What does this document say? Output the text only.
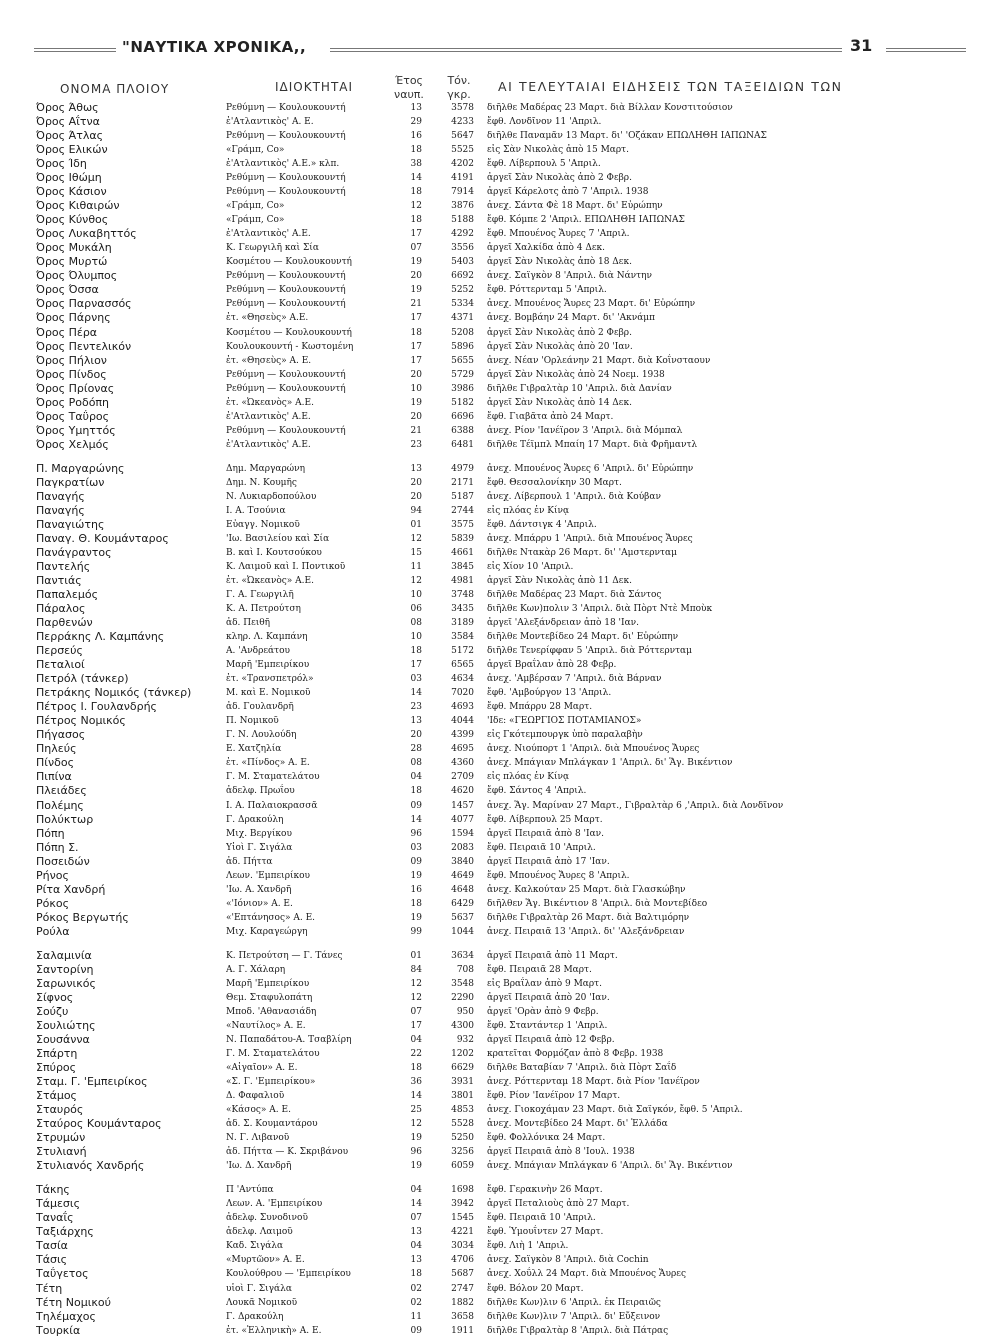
"ΝΑΥΤΙΚΑ ΧΡΟΝΙΚΑ,,	31
ΟΝΟΜΑ ΠΛΟΙΟΥ	ΙΔΙΟΚΤΗΤΑΙ	Έτος
ναυπ.
Τόν.
γκρ.
ΑΙ ΤΕΛΕΥΤΑΙΑΙ ΕΙΔΗΣΕΙΣ ΤΩΝ ΤΑΞΕΙΔΙΩΝ ΤΩΝ
Όρος Άθως	Ρεθύμνη — Κουλουκουντή	13	3578 διῆλθε Μαδέρας 23 Μαρτ. διὰ Βίλλαν Κονστιτούσιον
Όρος Αΐτνα	ἐ'Ατλαντικὸς' Α. Ε.	29	4233 ἔφθ. Λονδῖνον 11 'Απριλ.
Όρος Άτλας	Ρεθύμνη — Κουλουκουντή	16	5647 διῆλθε Παναμᾶν 13 Μαρτ. δι' 'Οζάκαν ΕΠΩΛΗΘΗ ΙΑΠΩΝΑΣ
Όρος Ελικών	«Γράμπ, Co»	18	5525 εἰς Σὰν Νικολὰς ἀπὸ 15 Μαρτ.
Όρος Ίδη	ἐ'Ατλαντικὸς' Α.Ε.» κλπ.	38	4202 ἔφθ. Λίβερπουλ 5 'Απριλ.
Όρος Ιθώμη	Ρεθύμνη — Κουλουκουντή	14	4191 ἀργεῖ Σὰν Νικολὰς ἀπὸ 2 Φεβρ.
Όρος Κάσιον	Ρεθύμνη — Κουλουκουντή	18	7914 ἀργεῖ Κάρελοτς ἀπὸ 7 'Απριλ. 1938
Όρος Κιθαιρών	«Γράμπ, Co»	12	3876 ἀνεχ. Σάντα Φὲ 18 Μαρτ. δι' Εὐρώπην
Όρος Κύνθος	«Γράμπ, Co»	18	5188 ἔφθ. Κόμπε 2 'Απριλ. ΕΠΩΛΗΘΗ ΙΑΠΩΝΑΣ
Όρος Λυκαβηττός	ἐ'Ατλαντικὸς' Α.Ε.	17	4292 ἔφθ. Μπουένος Ἄυρες 7 'Απριλ.
Όρος Μυκάλη	Κ. Γεωργιλῆ καὶ Σία	07	3556 ἀργεῖ Χαλκίδα ἀπὸ 4 Δεκ.
Όρος Μυρτώ	Κοσμέτου — Κουλουκουντή	19	5403 ἀργεῖ Σὰν Νικολὰς ἀπὸ 18 Δεκ.
Όρος Όλυμπος	Ρεθύμνη — Κουλουκουντή	20	6692 ἀνεχ. Σαϊγκὸν 8 'Απριλ. διὰ Νάντην
Όρος Όσσα	Ρεθύμνη — Κουλουκουντή	19	5252 ἔφθ. Ρόττερνταμ 5 'Απριλ.
Όρος Παρνασσός	Ρεθύμνη — Κουλουκουντή	21	5334 ἀνεχ. Μπουένος Ἄυρες 23 Μαρτ. δι' Εὐρώπην
Όρος Πάρνης	ἐτ. «Θησεὺς» Α.Ε.	17	4371 ἀνεχ. Βομβάην 24 Μαρτ. δι' 'Ακνάμπ
Όρος Πέρα	Κοσμέτου — Κουλουκουντή	18	5208 ἀργεῖ Σὰν Νικολὰς ἀπὸ 2 Φεβρ.
Όρος Πεντελικόν	Κουλουκουντή - Κωστομένη	17	5896 ἀργεῖ Σὰν Νικολὰς ἀπὸ 20 'Ιαν.
Όρος Πήλιον	ἐτ. «Θησεὺς» Α. Ε.	17	5655 ἀνεχ. Νέαν 'Ορλεάνην 21 Μαρτ. διὰ Κοΐνσταουν
Όρος Πίνδος	Ρεθύμνη — Κουλουκουντή	20	5729 ἀργεῖ Σὰν Νικολὰς ἀπὸ 24 Νοεμ. 1938
Όρος Πρίονας	Ρεθύμνη — Κουλουκουντή	10	3986 διῆλθε Γιβραλτὰρ 10 'Απριλ. διὰ Δανίαν
Όρος Ροδόπη	ἐτ. «Ὠκεανὸς» Α.Ε.	19	5182 ἀργεῖ Σὰν Νικολὰς ἀπὸ 14 Δεκ.
Όρος Ταΰρος	ἐ'Ατλαντικὸς' Α.Ε.	20	6696 ἔφθ. Γιαβᾶτα ἀπὸ 24 Μαρτ.
Όρος Υμηττός	Ρεθύμνη — Κουλουκουντή	21	6388 ἀνεχ. Ρίον 'Ιανέϊρον 3 'Απριλ. διὰ Μόμπαλ
Όρος Χελμός	ἐ'Ατλαντικὸς' Α.Ε.	23	6481 διῆλθε Τέϊμπλ Μπαίη 17 Μαρτ. διὰ Φρῆμαντλ
Π. Μαργαρώνης	Δημ. Μαργαρώνη	13	4979 ἀνεχ. Μπουένος Ἄυρες 6 'Απριλ. δι' Εὐρώπην
Παγκρατίων	Δημ. Ν. Κουμῆς	20	2171 ἔφθ. Θεσσαλονίκην 30 Μαρτ.
Παναγής	Ν. Λυκιαρδοπούλου	20	5187 ἀνεχ. Λίβερπουλ 1 'Απριλ. διὰ Κούβαν
Παναγής	Ι. Α. Τσούνια	94	2744 εἰς πλόας ἐν Κίνᾳ
Παναγιώτης	Εὐαγγ. Νομικοῦ	01	3575 ἔφθ. Δάντσιγκ 4 'Απριλ.
Παναγ. Θ. Κουμάνταρος	'Ιω. Βασιλείου καὶ Σία	12	5839 ἀνεχ. Μπάρρυ 1 'Απριλ. διὰ Μπουένος Ἄυρες
Πανάγραντος	Β. καὶ Ι. Κουτσούκου	15	4661 διῆλθε Ντακὰρ 26 Μαρτ. δι' 'Αμστερνταμ
Παντελής	Κ. Λαιμοῦ καὶ Ι. Ποντικοῦ	11	3845 εἰς Χίον 10 'Απριλ.
Παντιάς	ἐτ. «Ὠκεανὸς» Α.Ε.	12	4981 ἀργεῖ Σὰν Νικολὰς ἀπὸ 11 Δεκ.
Παπαλεμός	Γ. Α. Γεωργιλῆ	10	3748 διῆλθε Μαδέρας 23 Μαρτ. διὰ Σάντος
Πάραλος	Κ. Α. Πετρούτση	06	3435 διῆλθε Κων)πολιν 3 'Απριλ. διὰ Πὸρτ Ντὲ Μποὺκ
Παρθενών	ἀδ. Πειθῆ	08	3189 ἀργεῖ 'Αλεξάνδρειαν ἀπὸ 18 'Ιαν.
Περράκης Λ. Καμπάνης	κληρ. Λ. Καμπάνη	10	3584 διῆλθε Μοντεβίδεο 24 Μαρτ. δι' Εὐρώπην
Περσεύς	Α. 'Ανδρεάτου	18	5172 διῆλθε Τενερίφφαν 5 'Απριλ. διὰ Ρόττερνταμ
Πεταλιοί	Μαρῆ 'Εμπειρίκου	17	6565 ἀργεῖ Βραΐλαν ἀπὸ 28 Φεβρ.
Πετρόλ (τάνκερ)	ἐτ. «Τρανσπετρόλ»	03	4634 ἀνεχ. 'Αμβέρσαν 7 'Απριλ. διὰ Βάρναν
Πετράκης Νομικός (τάνκερ)	Μ. καὶ Ε. Νομικοῦ	14	7020 ἔφθ. 'Αμβούργον 13 'Απριλ.
Πέτρος Ι. Γουλανδρής	ἀδ. Γουλανδρῆ	23	4693 ἔφθ. Μπάρρυ 28 Μαρτ.
Πέτρος Νομικός	Π. Νομικοῦ	13	4044 'Ιδε: «ΓΕΩΡΓΙΟΣ ΠΟΤΑΜΙΑΝΟΣ»
Πήγασος	Γ. Ν. Λουλούδη	20	4399 εἰς Γκότεμπουργκ ὑπὸ παραλαβὴν
Πηλεύς	Ε. Χατζηλία	28	4695 ἀνεχ. Νιούπορτ 1 'Απριλ. διὰ Μπουένος Ἄυρες
Πίνδος	ἐτ. «Πίνδος» Α. Ε.	08	4360 ἀνεχ. Μπάγιαν Μπλάγκαν 1 'Απριλ. δι' Ἅγ. Βικέντιον
Πιπίνα	Γ. Μ. Σταματελάτου	04	2709 εἰς πλόας ἐν Κίνᾳ
Πλειάδες	ἀδελφ. Πρωΐου	18	4620 ἔφθ. Σάντος 4 'Απριλ.
Πολέμης	Ι. Α. Παλαιοκρασσᾶ	09	1457 ἀνεχ. Ἅγ. Μαρίναν 27 Μαρτ., Γιβραλτὰρ 6 ,'Απριλ. διὰ Λονδῖνον
Πολύκτωρ	Γ. Δρακούλη	14	4077 ἔφθ. Λίβερπουλ 25 Μαρτ.
Πόπη	Μιχ. Βεργίκου	96	1594 ἀργεῖ Πειραιᾶ ἀπὸ 8 'Ιαν.
Πόπη Σ.	Υἱοὶ Γ. Σιγάλα	03	2083 ἔφθ. Πειραιᾶ 10 'Απριλ.
Ποσειδών	ἀδ. Πήττα	09	3840 ἀργεῖ Πειραιᾶ ἀπὸ 17 'Ιαν.
Ρήνος	Λεων. 'Εμπειρίκου	19	4649 ἔφθ. Μπουένος Ἄυρες 8 'Απριλ.
Ρίτα Χανδρή	'Ιω. Α. Χανδρῆ	16	4648 ἀνεχ. Καλκούταν 25 Μαρτ. διὰ Γλασκώβην
Ρόκος	«'Ιόνιον» Α. Ε.	18	6429 διῆλθεν Ἅγ. Βικέντιον 8 'Απριλ. διὰ Μοντεβίδεο
Ρόκος Βεργωτής	«'Επτάνησος» Α. Ε.	19	5637 διῆλθε Γιβραλτὰρ 26 Μαρτ. διὰ Βαλτιμόρην
Ρούλα	Μιχ. Καραγεώργη	99	1044 ἀνεχ. Πειραιᾶ 13 'Απριλ. δι' 'Αλεξάνδρειαν
Σαλαμινία	Κ. Πετρούτση — Γ. Τάνες	01	3634 ἀργεῖ Πειραιᾶ ἀπὸ 11 Μαρτ.
Σαντορίνη	Α. Γ. Χάλαρη	84	708 ἔφθ. Πειραιᾶ 28 Μαρτ.
Σαρωνικός	Μαρῆ 'Εμπειρίκου	12	3548 εἰς Βραΐλαν ἀπὸ 9 Μαρτ.
Σίφνος	Θεμ. Σταφυλοπάτη	12	2290 ἀργεῖ Πειραιᾶ ἀπὸ 20 'Ιαν.
Σούζυ	Μποδ. 'Αθανασιάδη	07	950 ἀργεῖ 'Ορὰν ἀπὸ 9 Φεβρ.
Σουλιώτης	«Ναυτίλος» Α. Ε.	17	4300 ἔφθ. Σταντάντερ 1 'Απριλ.
Σουσάννα	Ν. Παπαδάτου-Α. Τσαβλίρη	04	932 ἀργεῖ Πειραιᾶ ἀπὸ 12 Φεβρ.
Σπάρτη	Γ. Μ. Σταματελάτου	22	1202 κρατεῖται Φορμόζαν ἀπὸ 8 Φεβρ. 1938
Σπύρος	«Αἰγαῖον» Α. Ε.	18	6629 διῆλθε Βαταβίαν 7 'Απριλ. διὰ Πὸρτ Σαΐδ
Σταμ. Γ. 'Εμπειρίκος	«Σ. Γ. 'Εμπειρίκου»	36	3931 ἀνεχ. Ρόττερνταμ 18 Μαρτ. διὰ Ρίον 'Ιανέϊρον
Στάμος	Δ. Φαφαλιοῦ	14	3801 ἔφθ. Ρίον 'Ιανέϊρον 17 Μαρτ.
Σταυρός	«Κάσος» Α. Ε.	25	4853 ἀνεχ. Γιοκοχάμαν 23 Μαρτ. διὰ Σαϊγκόν, ἔφθ. 5 'Απριλ.
Σταύρος Κουμάνταρος	ἀδ. Σ. Κουμαντάρου	12	5528 ἀνεχ. Μοντεβίδεο 24 Μαρτ. δι' Ἑλλάδα
Στρυμών	Ν. Γ. Λιβανοῦ	19	5250 ἔφθ. Φολλόνικα 24 Μαρτ.
Στυλιανή	ἀδ. Πήττα — Κ. Σκριβάνου	96	3256 ἀργεῖ Πειραιᾶ ἀπὸ 8 'Ιουλ. 1938
Στυλιανός Χανδρής	'Ιω. Δ. Χανδρῆ	19	6059 ἀνεχ. Μπάγιαν Μπλάγκαν 6 'Απριλ. δι' Ἅγ. Βικέντιον
Τάκης	Π 'Αντύπα	04	1698 ἔφθ. Γερακινὴν 26 Μαρτ.
Τάμεσις	Λεων. Α. 'Εμπειρίκου	14	3942 ἀργεῖ Πεταλιοὺς ἀπὸ 27 Μαρτ.
Ταναΐς	ἀδελφ. Συνοδινοῦ	07	1545 ἔφθ. Πειραιᾶ 10 'Απριλ.
Ταξιάρχης	ἀδελφ. Λαιμοῦ	13	4221 ἔφθ. Ὑμουΐντεν 27 Μαρτ.
Τασία	Καδ. Σιγάλα	04	3034 ἔφθ. Λιὴ 1 'Απριλ.
Τάσις	«Μυρτῶον» Α. Ε.	13	4706 ἀνεχ. Σαϊγκὸν 8 'Απριλ. διὰ Cochin
Ταΰγετος	Κουλούθρου — 'Εμπειρίκου	18	5687 ἀνεχ. Χοΰλλ 24 Μαρτ. διὰ Μπουένος Ἄυρες
Τέτη	υἱοὶ Γ. Σιγάλα	02	2747 ἔφθ. Βόλον 20 Μαρτ.
Τέτη Νομικού	Λουκᾶ Νομικοῦ	02	1882 διῆλθε Κων)λιν 6 'Απριλ. ἐκ Πειραιῶς
Τηλέμαχος	Γ. Δρακούλη	11	3658 διῆλθε Κων)λιν 7 'Απριλ. δι' Εὔξεινον
Τουρκία	ἐτ. «Ἑλληνικὴ» Α. Ε.	09	1911 διῆλθε Γιβραλτὰρ 8 'Απριλ. διὰ Πάτρας
